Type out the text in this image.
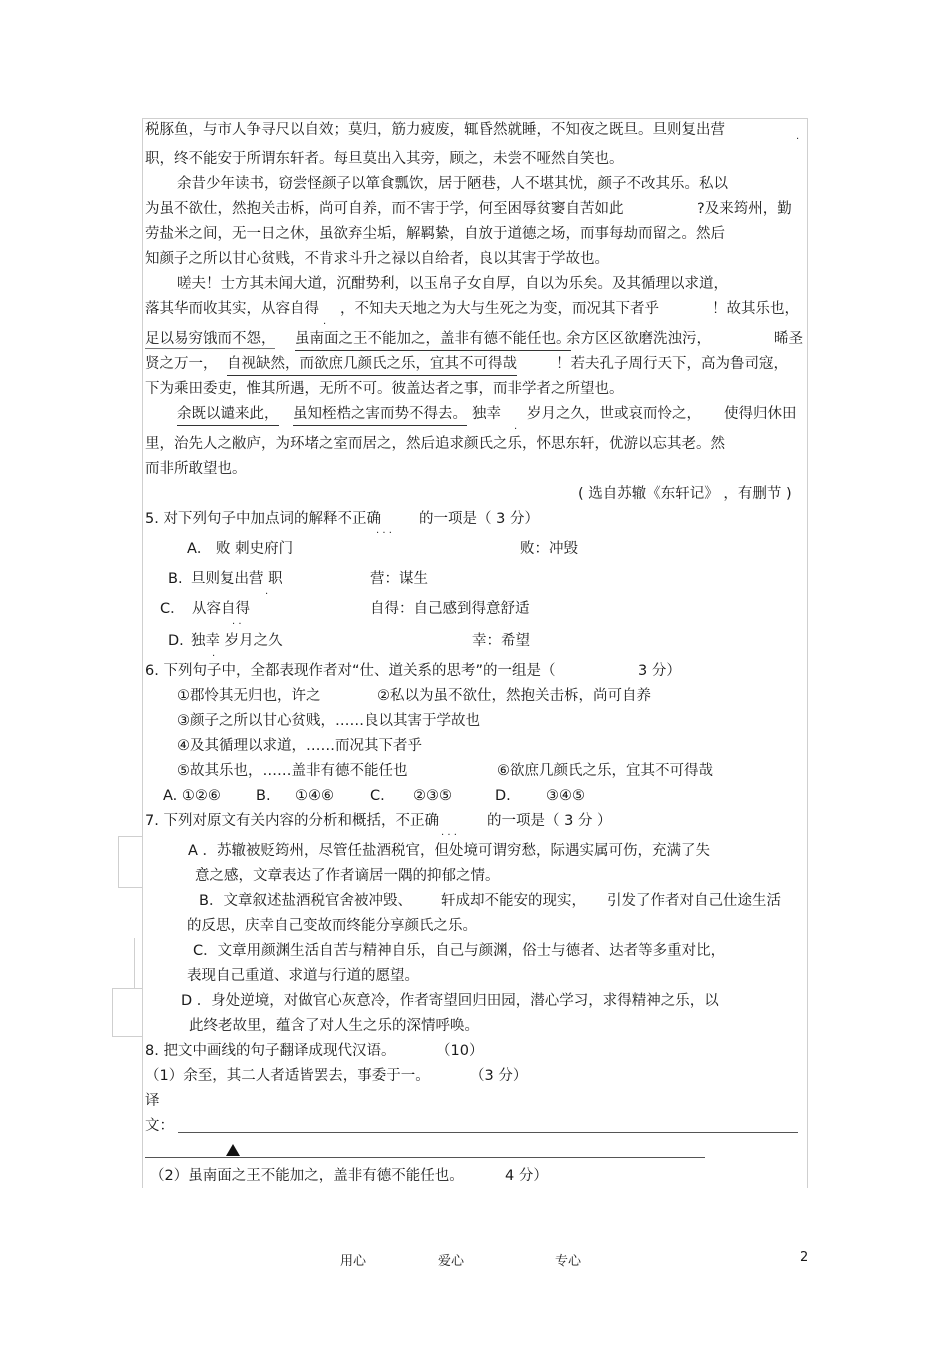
税豚鱼，与市人争寻尺以自效；莫归，筋力疲废，辄昏然就睡，不知夜之既旦。旦则复出营	.
职，终不能安于所谓东轩者。每旦莫出入其旁，顾之，未尝不哑然自笑也。
余昔少年读书，窃尝怪颜子以箪食瓢饮，居于陋巷，人不堪其忧，颜子不改其乐。私以
为虽不欲仕，然抱关击柝，尚可自养，而不害于学，何至困辱贫窭自苦如此	?及来筠州，勤
劳盐米之间，无一日之休，虽欲弃尘垢，解羁絷，自放于道德之场，而事每劫而留之。然后
知颜子之所以甘心贫贱，不肯求斗升之禄以自给者，良以其害于学故也。
嗟夫！士方其未闻大道，沉酣势利，以玉帛子女自厚，自以为乐矣。及其循理以求道，
落其华而收其实，从容自得
.
，不知夫天地之为大与生死之为变，而况其下者乎	！故其乐也，
足以易穷饿而不怨， 虽南面之王不能加之，盖非有德不能任也。
余方区区欲磨洗浊污，	晞圣
贤之万一， 自视缺然，而欲庶几颜氏之乐，宜其不可得哉	！若夫孔子周行天下，高为鲁司寇，
下为乘田委吏，惟其所遇，无所不可。彼盖达者之事，而非学者之所望也。
余既以谴来此， 虽知桎梏之害而势不得去。 独幸
.
岁月之久，世或哀而怜之， 使得归休田
里，治先人之敝庐，为环堵之室而居之，然后追求颜氏之乐，怀思东轩，优游以忘其老。然
而非所敢望也。
( 选自苏辙《东轩记》 ，有删节 )
5. 对下列句子中加点词的解释不正确
. . .
的一项是（ 3 分）
A． 败 刺史府门	败：冲毁
B. 旦则复出营 职
.
营：谋生
C． 从容自得
. .
自得：自己感到得意舒适
D. 独幸 岁月之久
.
幸：希望
6. 下列句子中，全都表现作者对“仕、道关系的思考”的一组是（	3 分）
①郡怜其无归也，许之	②私以为虽不欲仕，然抱关击柝，尚可自养
③颜子之所以甘心贫贱，……良以其害于学故也
④及其循理以求道，……而况其下者乎
⑤故其乐也，……盖非有德不能任也	⑥欲庶几颜氏之乐，宜其不可得哉
A. ①②⑥ B. ①④⑥ C. ②③⑤	D. ③④⑤
7. 下列对原文有关内容的分析和概括，不正确
. . .
的一项是（ 3 分 ）
A ．苏辙被贬筠州，尽管任盐酒税官，但处境可谓穷愁，际遇实属可伤，充满了失
意之感，文章表达了作者谪居一隅的抑郁之情。
B．文章叙述盐酒税官舍被冲毁、 轩成却不能安的现实， 引发了作者对自己仕途生活
的反思，庆幸自己变故而终能分享颜氏之乐。
C．文章用颜渊生活自苦与精神自乐，自己与颜渊，俗士与德者、达者等多重对比，
表现自己重道、求道与行道的愿望。
D ．身处逆境，对做官心灰意冷，作者寄望回归田园，潜心学习，求得精神之乐，以
此终老故里，蕴含了对人生之乐的深情呼唤。
8. 把文中画线的句子翻译成现代汉语。	（10）
（1）余至，其二人者适皆罢去，事委于一。	（3 分）
译
文：
（2）虽南面之王不能加之，盖非有德不能任也。	4 分）
用心	爱心	专心	2
